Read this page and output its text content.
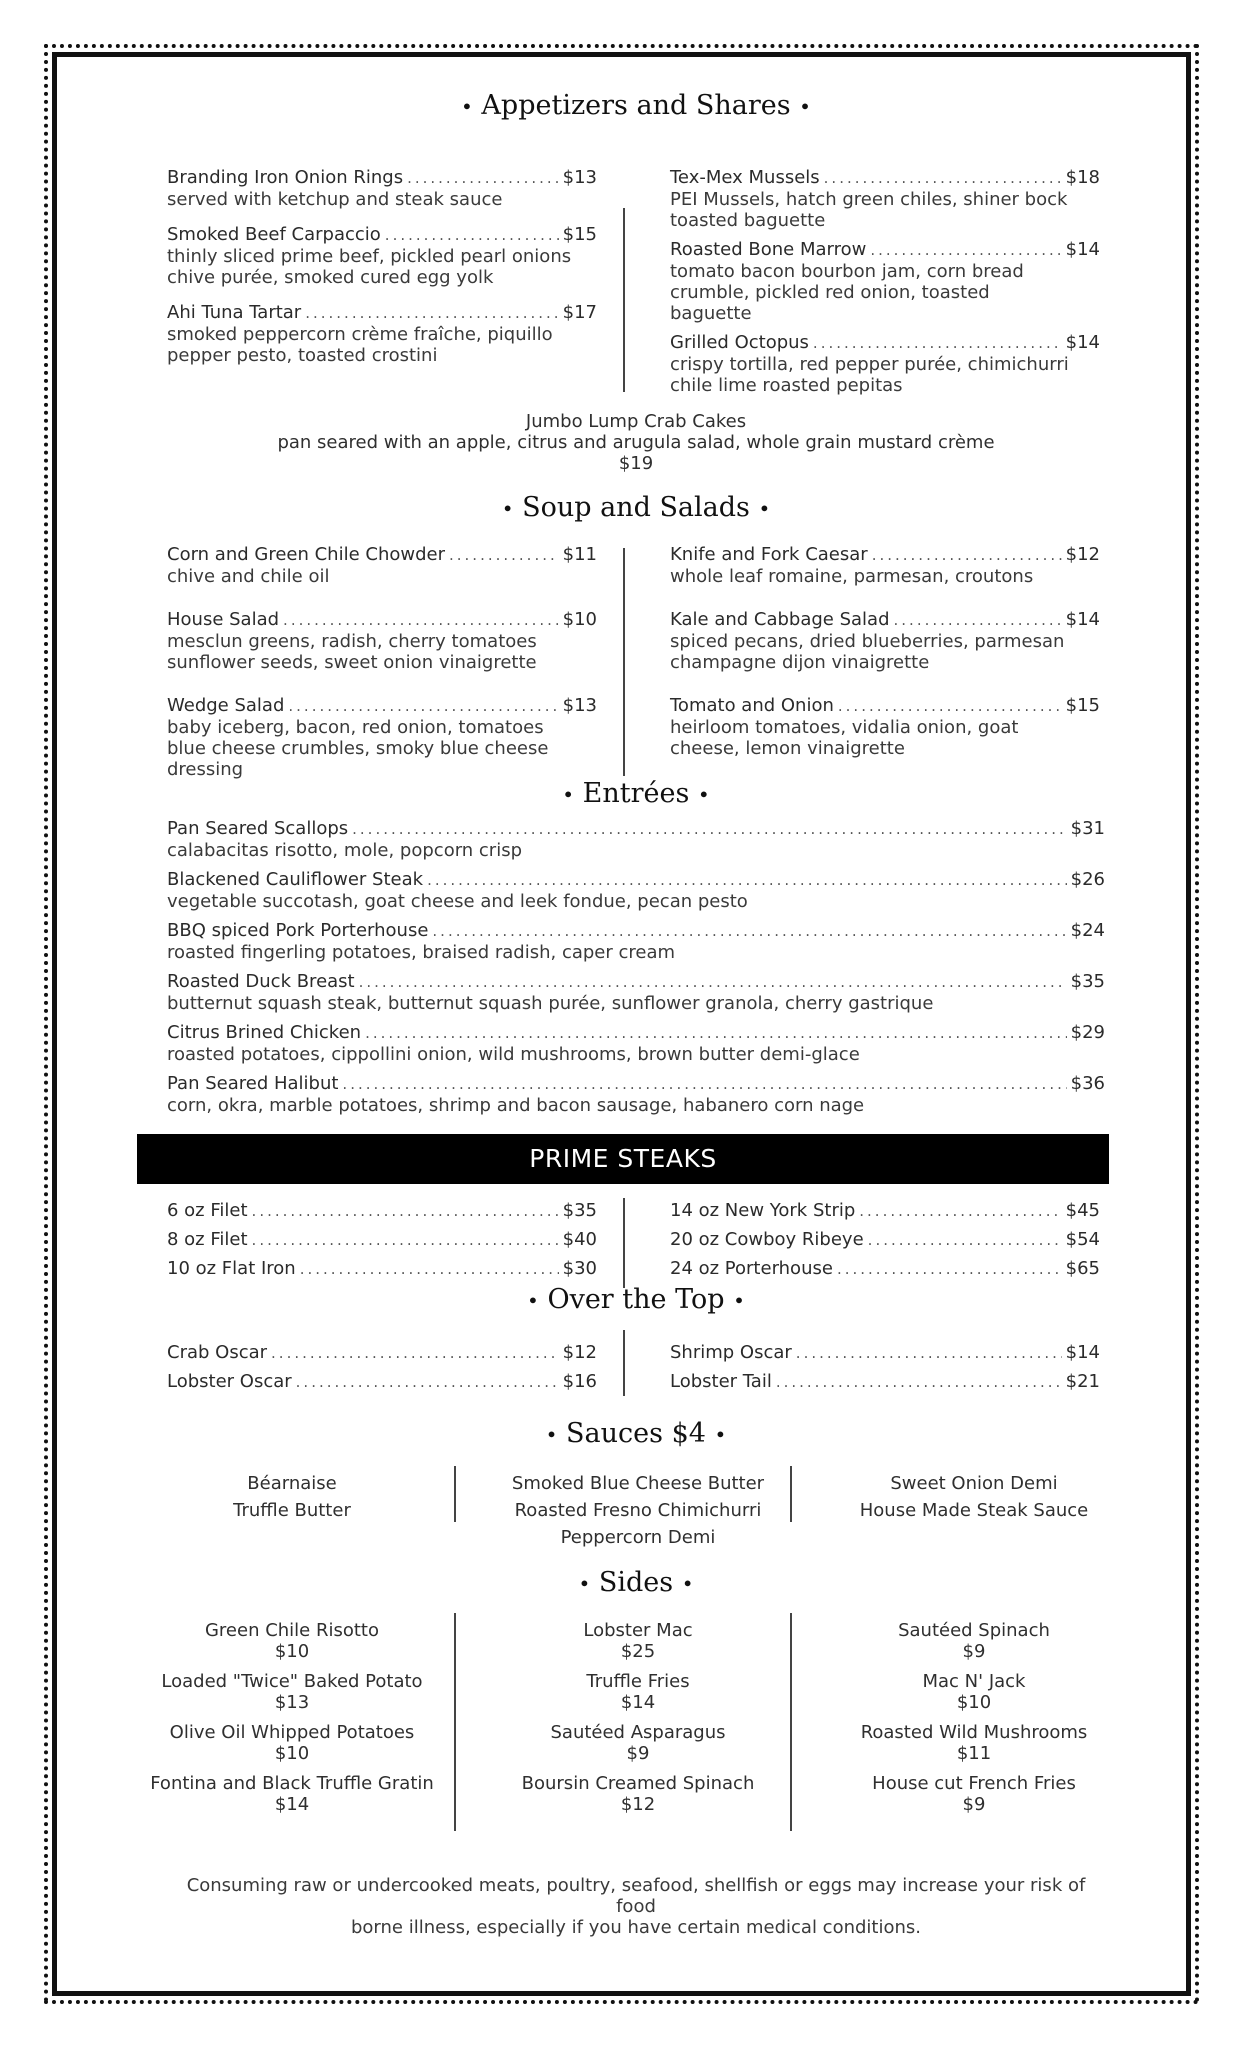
• Appetizers and Shares •
Branding Iron Onion Rings .....	$13
served with ketchup and steak sauce
Smoked Beef Carpaccio .....	$15
thinly sliced prime beef, pickled pearl onions
chive purée, smoked cured egg yolk
Ahi Tuna Tartar .....	$17
smoked peppercorn crème fraîche, piquillo
pepper pesto, toasted crostini
Tex-Mex Mussels .....	$18
PEI Mussels, hatch green chiles, shiner bock
toasted baguette
Roasted Bone Marrow .....	$14
tomato bacon bourbon jam, corn bread
crumble, pickled red onion, toasted
baguette
Grilled Octopus .....	$14
crispy tortilla, red pepper purée, chimichurri
chile lime roasted pepitas
Jumbo Lump Crab Cakes
pan seared with an apple, citrus and arugula salad, whole grain mustard crème
$19
• Soup and Salads •
Corn and Green Chile Chowder .....	$11
chive and chile oil
House Salad .....	$10
mesclun greens, radish, cherry tomatoes
sunflower seeds, sweet onion vinaigrette
Wedge Salad .....	$13
baby iceberg, bacon, red onion, tomatoes
blue cheese crumbles, smoky blue cheese
dressing
Knife and Fork Caesar .....	$12
whole leaf romaine, parmesan, croutons
Kale and Cabbage Salad .....	$14
spiced pecans, dried blueberries, parmesan
champagne dijon vinaigrette
Tomato and Onion .....	$15
heirloom tomatoes, vidalia onion, goat
cheese, lemon vinaigrette
• Entrées •
Pan Seared Scallops .....	$31
calabacitas risotto, mole, popcorn crisp
Blackened Cauliflower Steak .....	$26
vegetable succotash, goat cheese and leek fondue, pecan pesto
BBQ spiced Pork Porterhouse .....	$24
roasted fingerling potatoes, braised radish, caper cream
Roasted Duck Breast .....	$35
butternut squash steak, butternut squash purée, sunflower granola, cherry gastrique
Citrus Brined Chicken .....	$29
roasted potatoes, cippollini onion, wild mushrooms, brown butter demi-glace
Pan Seared Halibut .....	$36
corn, okra, marble potatoes, shrimp and bacon sausage, habanero corn nage
PRIME STEAKS
6 oz Filet .....	$35
8 oz Filet .....	$40
10 oz Flat Iron .....	$30
14 oz New York Strip .....	$45
20 oz Cowboy Ribeye .....	$54
24 oz Porterhouse .....	$65
• Over the Top •
Crab Oscar .....	$12
Lobster Oscar .....	$16
Shrimp Oscar .....	$14
Lobster Tail .....	$21
• Sauces $4 •
Béarnaise
Truffle Butter
Smoked Blue Cheese Butter
Roasted Fresno Chimichurri
Peppercorn Demi
Sweet Onion Demi
House Made Steak Sauce
• Sides •
Green Chile Risotto
$10
Loaded "Twice" Baked Potato
$13
Olive Oil Whipped Potatoes
$10
Fontina and Black Truffle Gratin
$14
Lobster Mac
$25
Truffle Fries
$14
Sautéed Asparagus
$9
Boursin Creamed Spinach
$12
Sautéed Spinach
$9
Mac N' Jack
$10
Roasted Wild Mushrooms
$11
House cut French Fries
$9
Consuming raw or undercooked meats, poultry, seafood, shellfish or eggs may increase your risk of food
borne illness, especially if you have certain medical conditions.
